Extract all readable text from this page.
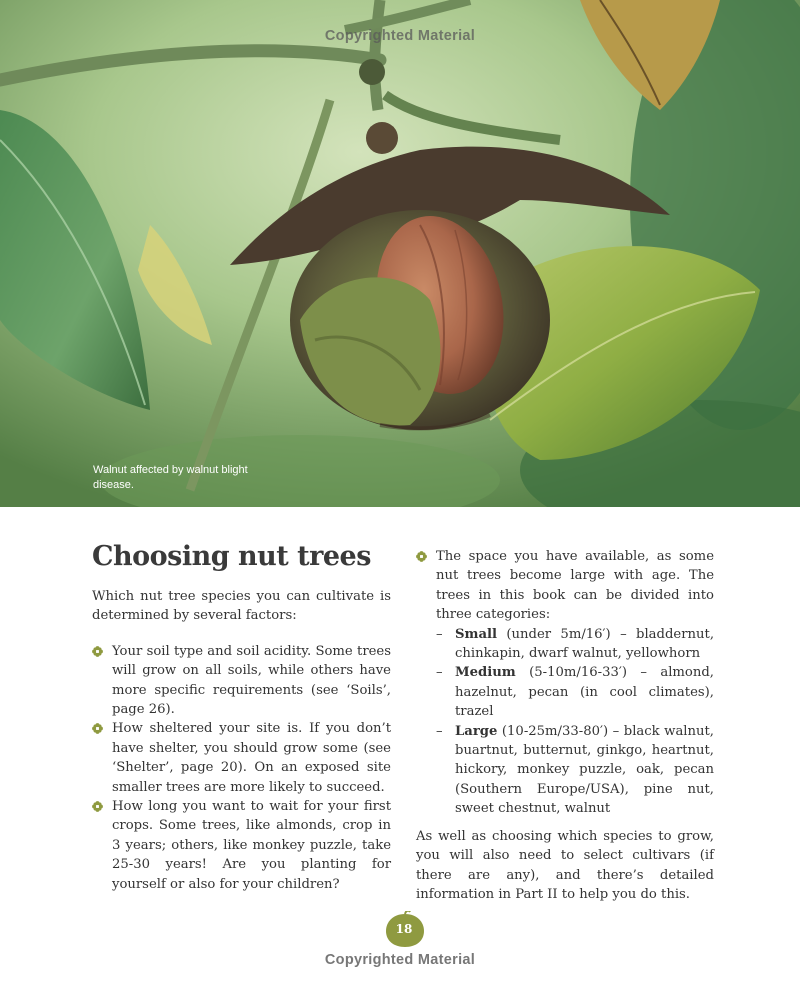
Copyrighted Material
Walnut affected by walnut blight disease.
Choosing nut trees

Which nut tree species you can cultivate is determined by several factors:

Your soil type and soil acidity. Some trees will grow on all soils, while others have more specific requirements (see ‘Soils’, page 26).
How sheltered your site is. If you don’t have shelter, you should grow some (see ‘Shelter’, page 20). On an exposed site smaller trees are more likely to succeed.
How long you want to wait for your first crops. Some trees, like almonds, crop in 3 years; others, like monkey puzzle, take 25-30 years! Are you planting for yourself or also for your children?
The space you have available, as some nut trees become large with age. The trees in this book can be divided into three categories:
– Small (under 5m/16′) – bladdernut, chinkapin, dwarf walnut, yellowhorn
– Medium (5-10m/16-33′) – almond, hazelnut, pecan (in cool climates), trazel
– Large (10-25m/33-80′) – black walnut, buartnut, butternut, ginkgo, heartnut, hickory, monkey puzzle, oak, pecan (Southern Europe/USA), pine nut, sweet chestnut, walnut

As well as choosing which species to grow, you will also need to select cultivars (if there are any), and there’s detailed information in Part II to help you do this.

18
Copyrighted Material
